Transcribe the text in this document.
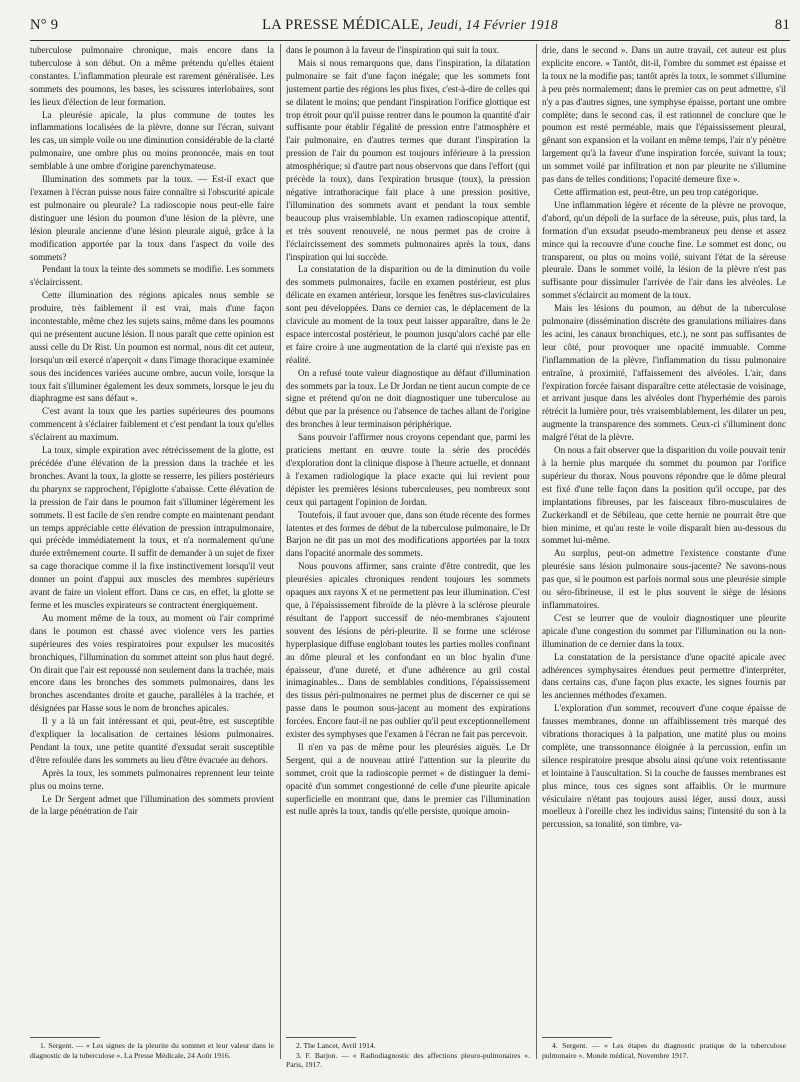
N° 9	LA PRESSE MÉDICALE, Jeudi, 14 Février 1918	81

tuberculose pulmonaire chronique, mais encore dans la tuberculose à son début. On a même prétendu qu'elles étaient constantes. L'inflammation pleurale est rarement généralisée. Les sommets des poumons, les bases, les scissures interlobaires, sont les lieux d'élection de leur formation.

La pleurésie apicale, la plus commune de toutes les inflammations localisées de la plèvre, donne sur l'écran, suivant les cas, un simple voile ou une diminution considérable de la clarté pulmonaire, une ombre plus ou moins prononcée, mais en tout semblable à une ombre d'origine parenchymateuse.

Illumination des sommets par la toux. — Est-il exact que l'examen à l'écran puisse nous faire connaître si l'obscurité apicale est pulmonaire ou pleurale? La radioscopie nous peut-elle faire distinguer une lésion du poumon d'une lésion de la plèvre, une lésion pleurale ancienne d'une lésion pleurale aiguë, grâce à la modification apportée par la toux dans l'aspect du voile des sommets?

Pendant la toux la teinte des sommets se modifie. Les sommets s'éclaircissent.

Cette illumination des régions apicales nous semble se produire, très faiblement il est vrai, mais d'une façon incontestable, même chez les sujets sains, même dans les poumons qui ne présentent aucune lésion. Il nous paraît que cette opinion est aussi celle du Dr Rist. Un poumon est normal, nous dit cet auteur, lorsqu'un œil exercé n'aperçoit « dans l'image thoracique examinée sous des incidences variées aucune ombre, aucun voile, lorsque la toux fait s'illuminer également les deux sommets, lorsque le jeu du diaphragme est sans défaut ».

C'est avant la toux que les parties supérieures des poumons commencent à s'éclairer faiblement et c'est pendant la toux qu'elles s'éclairent au maximum.

La toux, simple expiration avec rétrécissement de la glotte, est précédée d'une élévation de la pression dans la trachée et les bronches. Avant la toux, la glotte se resserre, les piliers postérieurs du pharynx se rapprochent, l'épiglotte s'abaisse. Cette élévation de la pression de l'air dans le poumon fait s'illuminer légèrement les sommets. Il est facile de s'en rendre compte en maintenant pendant un temps appréciable cette élévation de pression intrapulmonaire, qui précède immédiatement la toux, et n'a normalement qu'une durée extrêmement courte. Il suffit de demander à un sujet de fixer sa cage thoracique comme il la fixe instinctivement lorsqu'il veut donner un point d'appui aux muscles des membres supérieurs avant de faire un violent effort. Dans ce cas, en effet, la glotte se ferme et les muscles expirateurs se contractent énergiquement.

Au moment même de la toux, au moment où l'air comprimé dans le poumon est chassé avec violence vers les parties supérieures des voies respiratoires pour expulser les mucosités bronchiques, l'illumination du sommet atteint son plus haut degré. On dirait que l'air est repoussé non seulement dans la trachée, mais encore dans les bronches des sommets pulmonaires, dans les bronches ascendantes droite et gauche, parallèles à la trachée, et désignées par Hasse sous le nom de bronches apicales.

Il y a là un fait intéressant et qui, peut-être, est susceptible d'expliquer la localisation de certaines lésions pulmonaires. Pendant la toux, une petite quantité d'exsudat serait susceptible d'être refoulée dans les sommets au lieu d'être évacuée au dehors.

Après la toux, les sommets pulmonaires reprennent leur teinte plus ou moins terne.

Le Dr Sergent admet que l'illumination des sommets provient de la large pénétration de l'air

dans le poumon à la faveur de l'inspiration qui suit la toux.

Mais si nous remarquons que, dans l'inspiration, la dilatation pulmonaire se fait d'une façon inégale; que les sommets font justement partie des régions les plus fixes, c'est-à-dire de celles qui se dilatent le moins; que pendant l'inspiration l'orifice glottique est trop étroit pour qu'il puisse rentrer dans le poumon la quantité d'air suffisante pour établir l'égalité de pression entre l'atmosphère et l'air pulmonaire, en d'autres termes que durant l'inspiration la pression de l'air du poumon est toujours inférieure à la pression atmosphérique; si d'autre part nous observons que dans l'effort (qui précède la toux), dans l'expiration brusque (toux), la pression négative intrathoracique fait place à une pression positive, l'illumination des sommets avant et pendant la toux semble beaucoup plus vraisemblable. Un examen radioscopique attentif, et très souvent renouvelé, ne nous permet pas de croire à l'éclaircissement des sommets pulmonaires après la toux, dans l'inspiration qui lui succède.

La constatation de la disparition ou de la diminution du voile des sommets pulmonaires, facile en examen postérieur, est plus délicate en examen antérieur, lorsque les fenêtres sus-claviculaires sont peu développées. Dans ce dernier cas, le déplacement de la clavicule au moment de la toux peut laisser apparaître, dans le 2e espace intercostal postérieur, le poumon jusqu'alors caché par elle et faire croire à une augmentation de la clarté qui n'existe pas en réalité.

On a refusé toute valeur diagnostique au défaut d'illumination des sommets par la toux. Le Dr Jordan ne tient aucun compte de ce signe et prétend qu'on ne doit diagnostiquer une tuberculose au début que par la présence ou l'absence de taches allant de l'origine des bronches à leur terminaison périphérique.

Sans pouvoir l'affirmer nous croyons cependant que, parmi les praticiens mettant en œuvre toute la série des procédés d'exploration dont la clinique dispose à l'heure actuelle, et donnant à l'examen radiologique la place exacte qui lui revient pour dépister les premières lésions tuberculeuses, peu nombreux sont ceux qui partagent l'opinion de Jordan.

Toutefois, il faut avouer que, dans son étude récente des formes latentes et des formes de début de la tuberculose pulmonaire, le Dr Barjon ne dit pas un mot des modifications apportées par la toux dans l'opacité anormale des sommets.

Nous pouvons affirmer, sans crainte d'être contredit, que les pleurésies apicales chroniques rendent toujours les sommets opaques aux rayons X et ne permettent pas leur illumination. C'est que, à l'épaississement fibroïde de la plèvre à la sclérose pleurale résultant de l'apport successif de néo-membranes s'ajoutent souvent des lésions de péri-pleurite. Il se forme une sclérose hyperplasique diffuse englobant toutes les parties molles confinant au dôme pleural et les confondant en un bloc hyalin d'une épaisseur, d'une dureté, et d'une adhérence au gril costal inimaginables... Dans de semblables conditions, l'épaississement des tissus péri-pulmonaires ne permet plus de discerner ce qui se passe dans le poumon sous-jacent au moment des expirations forcées. Encore faut-il ne pas oublier qu'il peut exceptionnellement exister des symphyses que l'examen à l'écran ne fait pas percevoir.

Il n'en va pas de même pour les pleurésies aiguës. Le Dr Sergent, qui a de nouveau attiré l'attention sur la pleurite du sommet, croit que la radioscopie permet « de distinguer la demi-opacité d'un sommet congestionné de celle d'une pleurite apicale superficielle en montrant que, dans le premier cas l'illumination est nulle après la toux, tandis qu'elle persiste, quoique amoin-

drie, dans le second ». Dans un autre travail, cet auteur est plus explicite encore. « Tantôt, dit-il, l'ombre du sommet est épaisse et la toux ne la modifie pas; tantôt après la toux, le sommet s'illumine à peu près normalement; dans le premier cas on peut admettre, s'il n'y a pas d'autres signes, une symphyse épaisse, portant une ombre complète; dans le second cas, il est rationnel de conclure que le poumon est resté perméable, mais que l'épaississement pleural, gênant son expansion et la voilant en même temps, l'air n'y pénètre largement qu'à la faveur d'une inspiration forcée, suivant la toux; un sommet voilé par infiltration et non par pleurite ne s'illumine pas dans de telles conditions; l'opacité demeure fixe ».

Cette affirmation est, peut-être, un peu trop catégorique.

Une inflammation légère et récente de la plèvre ne provoque, d'abord, qu'un dépoli de la surface de la séreuse, puis, plus tard, la formation d'un exsudat pseudo-membraneux peu dense et assez mince qui la recouvre d'une couche fine. Le sommet est donc, ou transparent, ou plus ou moins voilé, suivant l'état de la séreuse pleurale. Dans le sommet voilé, la lésion de la plèvre n'est pas suffisante pour dissimuler l'arrivée de l'air dans les alvéoles. Le sommet s'éclaircit au moment de la toux.

Mais les lésions du poumon, au début de la tuberculose pulmonaire (dissémination discrète des granulations miliaires dans les acini, les canaux bronchiques, etc.), ne sont pas suffisantes de leur côté, pour provoquer une opacité immuable. Comme l'inflammation de la plèvre, l'inflammation du tissu pulmonaire entraîne, à proximité, l'affaissement des alvéoles. L'air, dans l'expiration forcée faisant disparaître cette atélectasie de voisinage, et arrivant jusque dans les alvéoles dont l'hyperhémie des parois rétrécit la lumière pour, très vraisemblablement, les dilater un peu, augmente la transparence des sommets. Ceux-ci s'illuminent donc malgré l'état de la plèvre.

On nous a fait observer que la disparition du voile pouvait tenir à la hernie plus marquée du sommet du poumon par l'orifice supérieur du thorax. Nous pouvons répondre que le dôme pleural est fixé d'une telle façon dans la position qu'il occupe, par des implantations fibreuses, par les faisceaux fibro-musculaires de Zuckerkandl et de Sébileau, que cette hernie ne pourrait être que bien minime, et qu'au reste le voile disparaît bien au-dessous du sommet lui-même.

Au surplus, peut-on admettre l'existence constante d'une pleurésie sans lésion pulmonaire sous-jacente? Ne savons-nous pas que, si le poumon est parfois normal sous une pleurésie simple ou séro-fibrineuse, il est le plus souvent le siège de lésions inflammatoires.

C'est se leurrer que de vouloir diagnostiquer une pleurite apicale d'une congestion du sommet par l'illumination ou la non-illumination de ce dernier dans la toux.

La constatation de la persistance d'une opacité apicale avec adhérences symphysaires étendues peut permettre d'interpréter, dans certains cas, d'une façon plus exacte, les signes fournis par les anciennes méthodes d'examen.

L'exploration d'un sommet, recouvert d'une coque épaisse de fausses membranes, donne un affaiblissement très marqué des vibrations thoraciques à la palpation, une matité plus ou moins complète, une transsonnance éloignée à la percussion, enfin un silence respiratoire presque absolu ainsi qu'une voix retentissante et lointaine à l'auscultation. Si la couche de fausses membranes est plus mince, tous ces signes sont affaiblis. Or le murmure vésiculaire n'étant pas toujours aussi léger, aussi doux, aussi moelleux à l'oreille chez les individus sains; l'intensité du son à la percussion, sa tonalité, son timbre, va-

1. Sergent. — « Les signes de la pleurite du sommet et leur valeur dans le diagnostic de la tuberculose ». La Presse Médicale, 24 Août 1916.

2. The Lancet, Avril 1914.

3. F. Barjon. — « Radiodiagnostic des affections pleuro-pulmonaires ». Paris, 1917.

4. Sergent. — « Les étapes du diagnostic pratique de la tuberculose pulmonaire ». Monde médical, Novembre 1917.
